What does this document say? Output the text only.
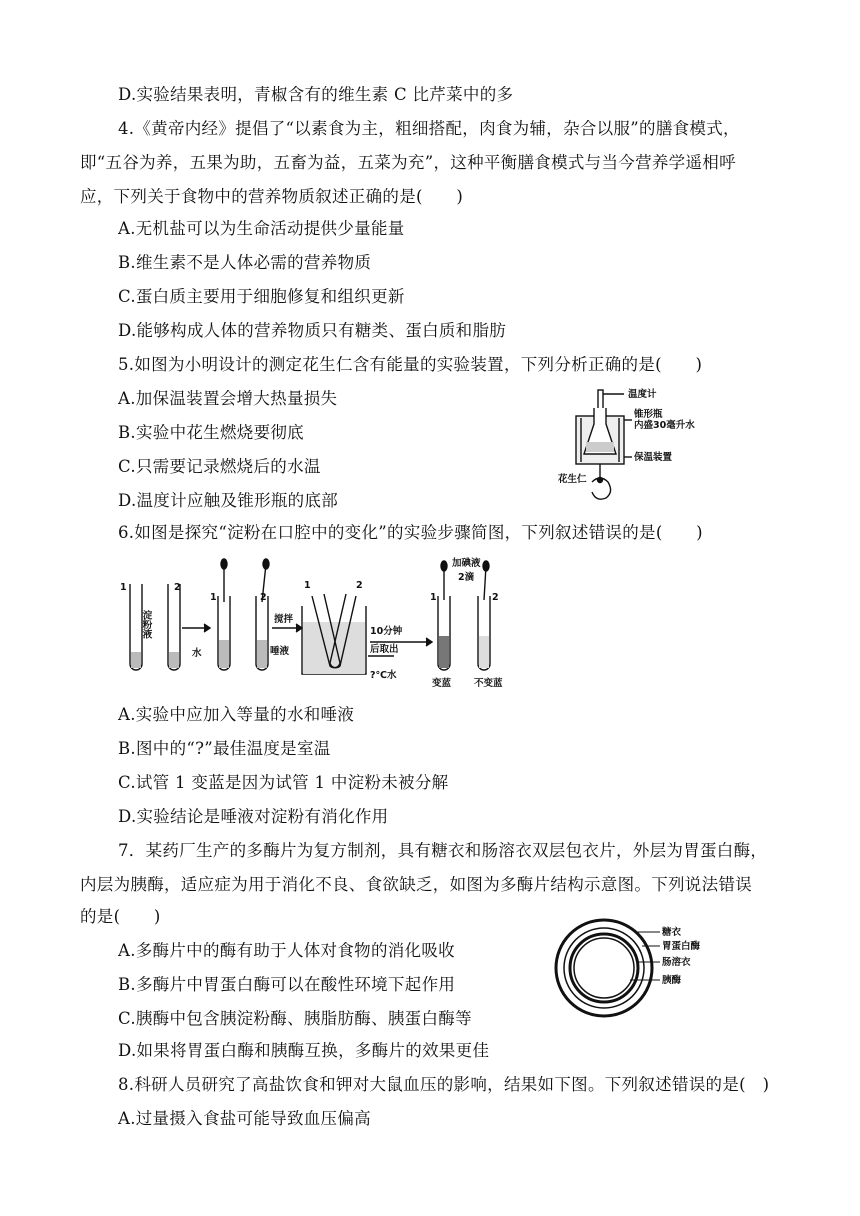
D.实验结果表明，青椒含有的维生素 C 比芹菜中的多
4.《黄帝内经》提倡了“以素食为主，粗细搭配，肉食为辅，杂合以服”的膳食模式，
即“五谷为养，五果为助，五畜为益，五菜为充”，这种平衡膳食模式与当今营养学遥相呼
应，下列关于食物中的营养物质叙述正确的是(　　)
A.无机盐可以为生命活动提供少量能量
B.维生素不是人体必需的营养物质
C.蛋白质主要用于细胞修复和组织更新
D.能够构成人体的营养物质只有糖类、蛋白质和脂肪
5.如图为小明设计的测定花生仁含有能量的实验装置，下列分析正确的是(　　)
A.加保温装置会增大热量损失
B.实验中花生燃烧要彻底
C.只需要记录燃烧后的水温
D.温度计应触及锥形瓶的底部
6.如图是探究“淀粉在口腔中的变化”的实验步骤简图，下列叙述错误的是(　　)
A.实验中应加入等量的水和唾液
B.图中的“?”最佳温度是室温
C.试管 1 变蓝是因为试管 1 中淀粉未被分解
D.实验结论是唾液对淀粉有消化作用
7．某药厂生产的多酶片为复方制剂，具有糖衣和肠溶衣双层包衣片，外层为胃蛋白酶，
内层为胰酶，适应症为用于消化不良、食欲缺乏，如图为多酶片结构示意图。下列说法错误
的是(　　)
A.多酶片中的酶有助于人体对食物的消化吸收
B.多酶片中胃蛋白酶可以在酸性环境下起作用
C.胰酶中包含胰淀粉酶、胰脂肪酶、胰蛋白酶等
D.如果将胃蛋白酶和胰酶互换，多酶片的效果更佳
8.科研人员研究了高盐饮食和钾对大鼠血压的影响，结果如下图。下列叙述错误的是(　)
A.过量摄入食盐可能导致血压偏高
温度计
锥形瓶
内盛30毫升水
保温装置
花生仁
1	2
1	2
1	2
1	2
淀粉液
水
搅拌
唾液
10分钟
后取出
?℃水
加碘液
2滴
变蓝 不变蓝
糖衣
胃蛋白酶
肠溶衣
胰酶
